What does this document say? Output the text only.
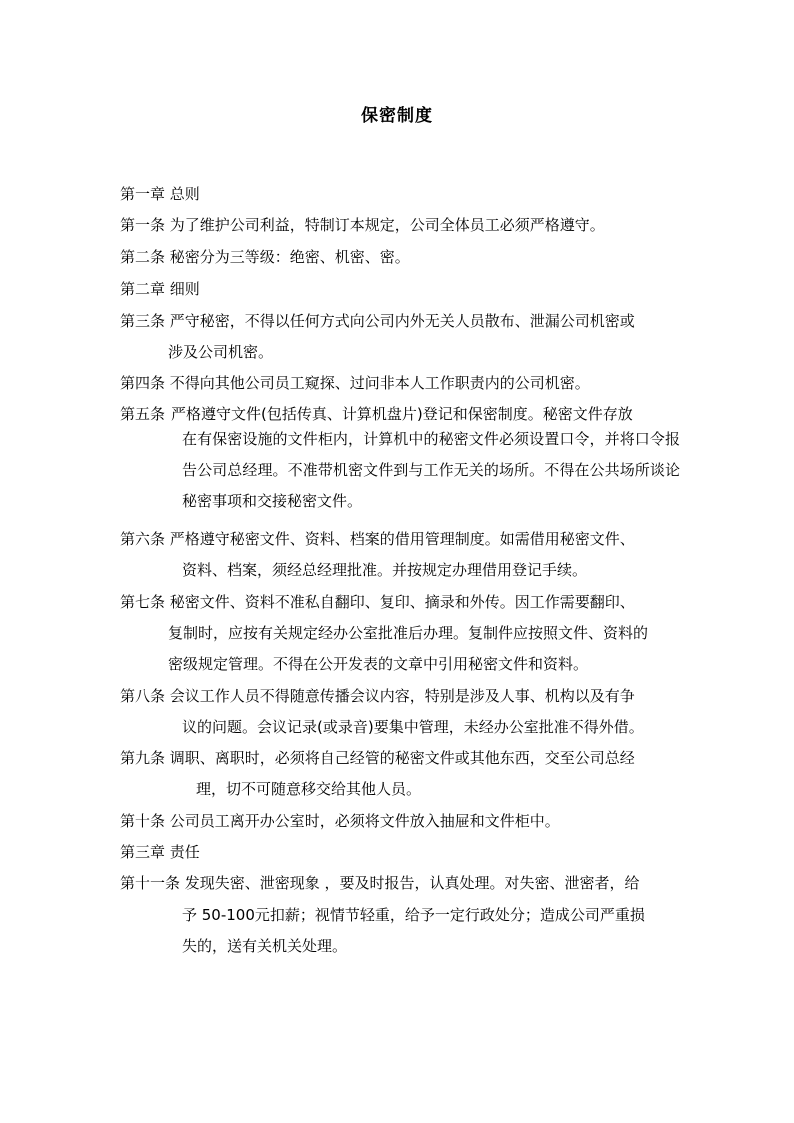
保密制度
第一章 总则
第一条 为了维护公司利益，特制订本规定，公司全体员工必须严格遵守。
第二条 秘密分为三等级：绝密、机密、密。
第二章 细则
第三条 严守秘密，不得以任何方式向公司内外无关人员散布、泄漏公司机密或
涉及公司机密。
第四条 不得向其他公司员工窥探、过问非本人工作职责内的公司机密。
第五条 严格遵守文件(包括传真、计算机盘片)登记和保密制度。秘密文件存放
在有保密设施的文件柜内，计算机中的秘密文件必须设置口令，并将口令报告公司总经理。不准带机密文件到与工作无关的场所。不得在公共场所谈论秘密事项和交接秘密文件。
第六条 严格遵守秘密文件、资料、档案的借用管理制度。如需借用秘密文件、
资料、档案，须经总经理批准。并按规定办理借用登记手续。
第七条 秘密文件、资料不准私自翻印、复印、摘录和外传。因工作需要翻印、
复制时，应按有关规定经办公室批准后办理。复制件应按照文件、资料的
密级规定管理。不得在公开发表的文章中引用秘密文件和资料。
第八条 会议工作人员不得随意传播会议内容，特别是涉及人事、机构以及有争
议的问题。会议记录(或录音)要集中管理，未经办公室批准不得外借。
第九条 调职、离职时，必须将自己经管的秘密文件或其他东西，交至公司总经
理，切不可随意移交给其他人员。
第十条 公司员工离开办公室时，必须将文件放入抽屉和文件柜中。
第三章 责任
第十一条 发现失密、泄密现象 ，要及时报告，认真处理。对失密、泄密者，给
予 50-100元扣薪；视情节轻重，给予一定行政处分；造成公司严重损
失的，送有关机关处理。
